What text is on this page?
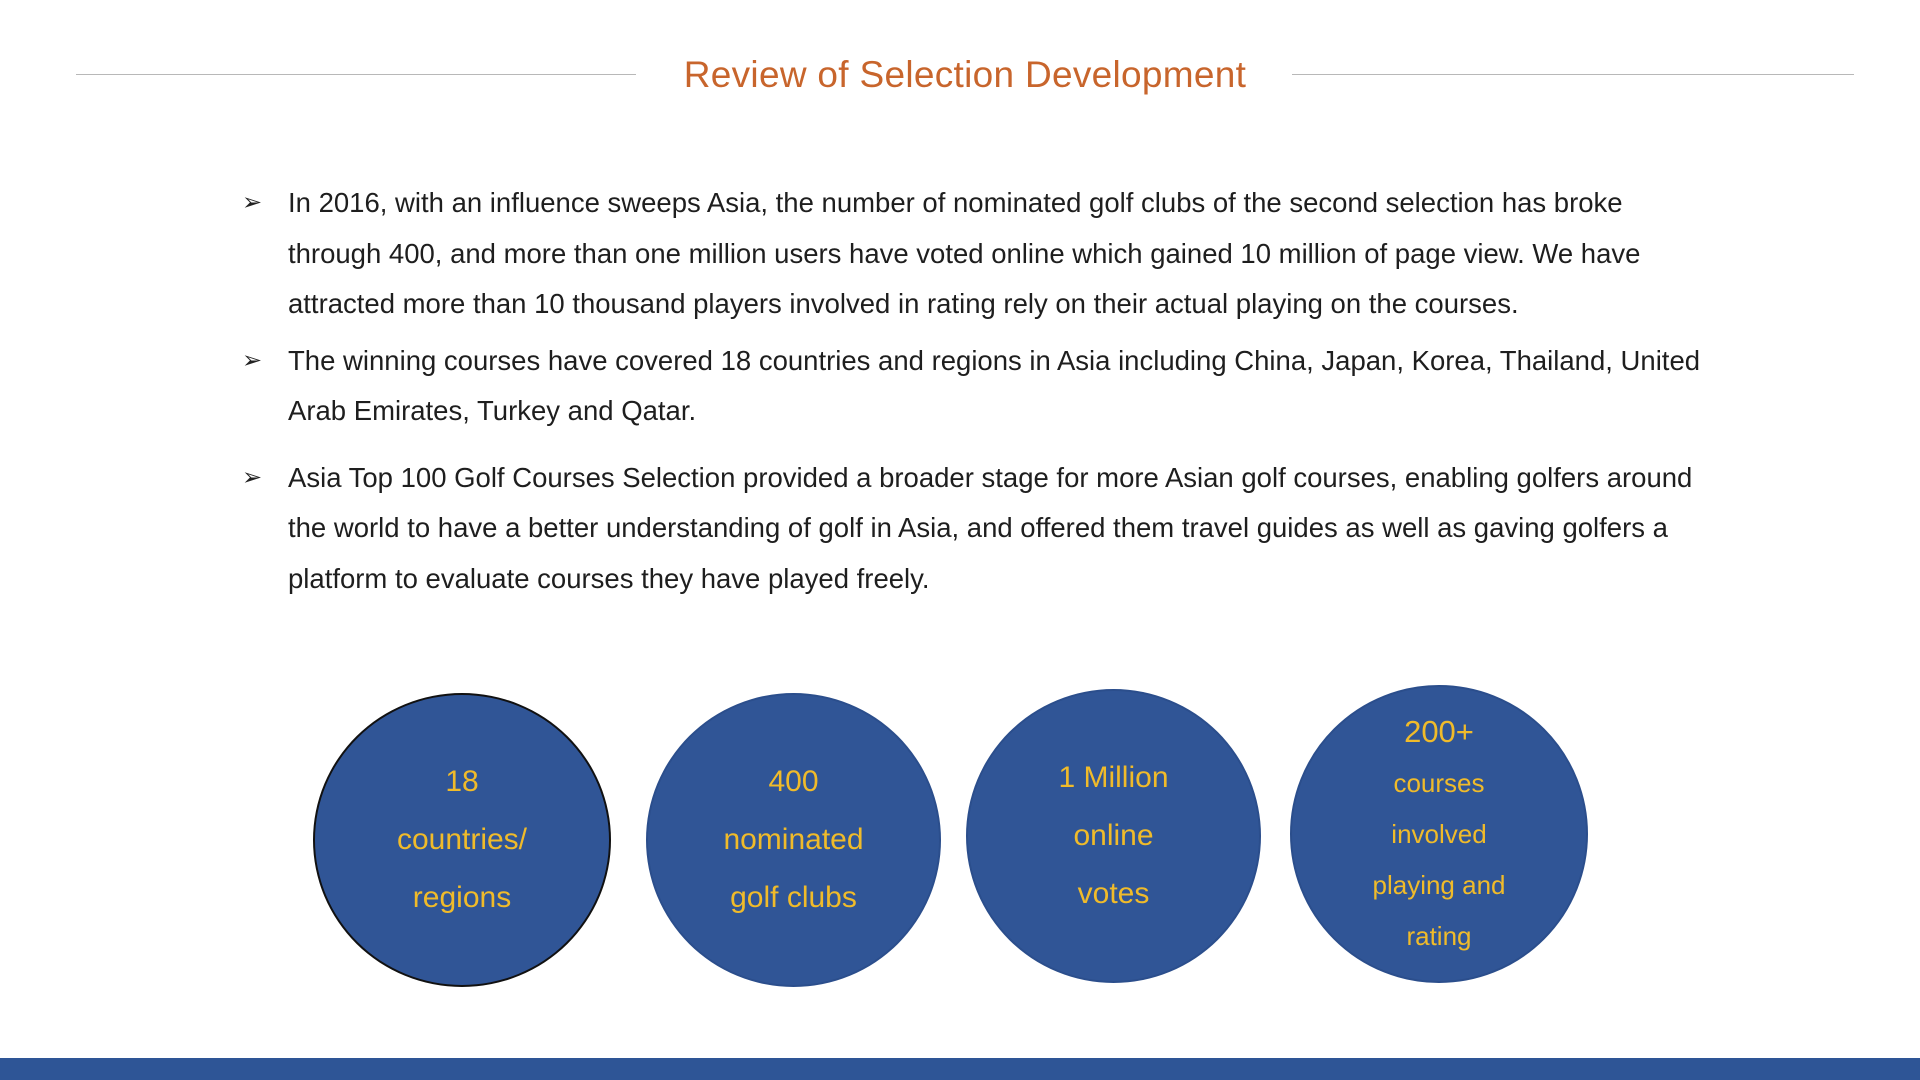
Review of Selection Development
➢ In 2016, with an influence sweeps Asia, the number of nominated golf clubs of the second selection has broke through 400, and more than one million users have voted online which gained 10 million of page view. We have attracted more than 10 thousand players involved in rating rely on their actual playing on the courses.
➢ The winning courses have covered 18 countries and regions in Asia including China, Japan, Korea, Thailand, United Arab Emirates, Turkey and Qatar.
➢ Asia Top 100 Golf Courses Selection provided a broader stage for more Asian golf courses, enabling golfers around the world to have a better understanding of golf in Asia, and offered them travel guides as well as gaving golfers a platform to evaluate courses they have played freely.
18
countries/
regions
400
nominated
golf clubs
1 Million
online
votes
200+
courses
involved
playing and
rating
